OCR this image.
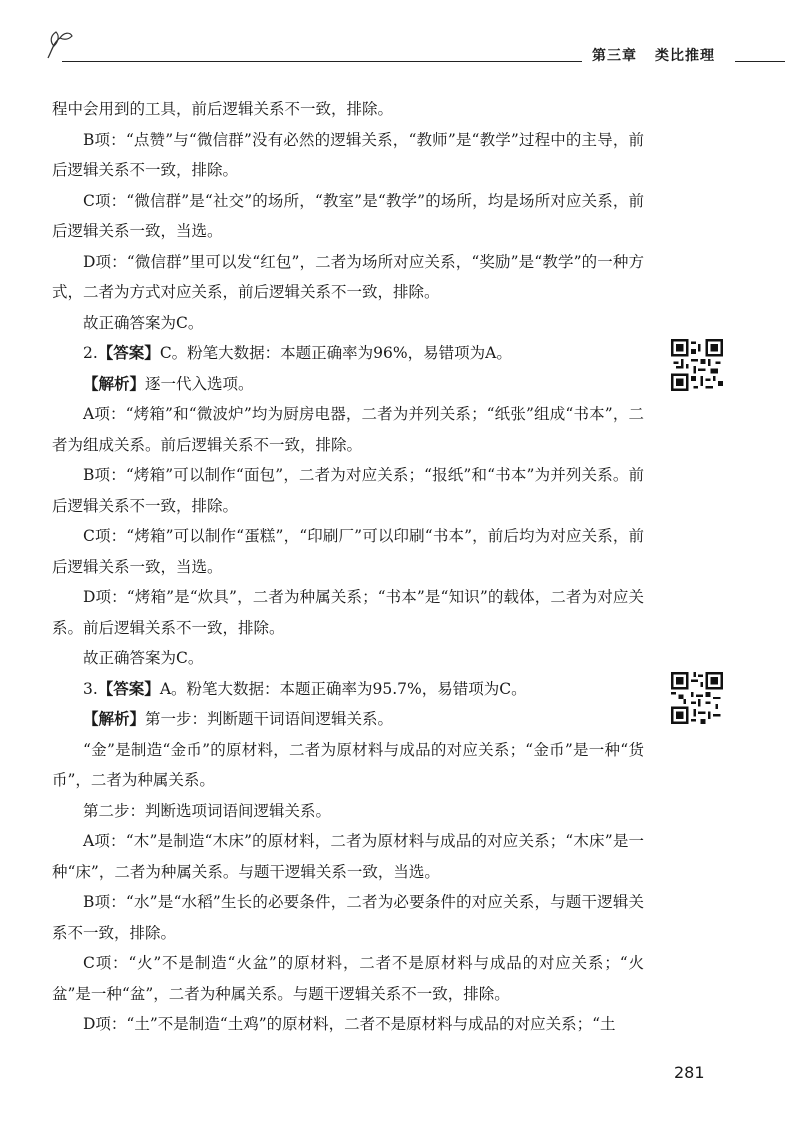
第三章 类比推理

程中会用到的工具，前后逻辑关系不一致，排除。

B项：“点赞”与“微信群”没有必然的逻辑关系，“教师”是“教学”过程中的主导，前后逻辑关系不一致，排除。

C项：“微信群”是“社交”的场所，“教室”是“教学”的场所，均是场所对应关系，前后逻辑关系一致，当选。

D项：“微信群”里可以发“红包”，二者为场所对应关系，“奖励”是“教学”的一种方式，二者为方式对应关系，前后逻辑关系不一致，排除。

故正确答案为C。

2.【答案】C。粉笔大数据：本题正确率为96%，易错项为A。

【解析】逐一代入选项。

A项：“烤箱”和“微波炉”均为厨房电器，二者为并列关系；“纸张”组成“书本”，二者为组成关系。前后逻辑关系不一致，排除。

B项：“烤箱”可以制作“面包”，二者为对应关系；“报纸”和“书本”为并列关系。前后逻辑关系不一致，排除。

C项：“烤箱”可以制作“蛋糕”，“印刷厂”可以印刷“书本”，前后均为对应关系，前后逻辑关系一致，当选。

D项：“烤箱”是“炊具”，二者为种属关系；“书本”是“知识”的载体，二者为对应关系。前后逻辑关系不一致，排除。

故正确答案为C。

3.【答案】A。粉笔大数据：本题正确率为95.7%，易错项为C。

【解析】第一步：判断题干词语间逻辑关系。

“金”是制造“金币”的原材料，二者为原材料与成品的对应关系；“金币”是一种“货币”，二者为种属关系。

第二步：判断选项词语间逻辑关系。

A项：“木”是制造“木床”的原材料，二者为原材料与成品的对应关系；“木床”是一种“床”，二者为种属关系。与题干逻辑关系一致，当选。

B项：“水”是“水稻”生长的必要条件，二者为必要条件的对应关系，与题干逻辑关系不一致，排除。

C项：“火”不是制造“火盆”的原材料，二者不是原材料与成品的对应关系；“火盆”是一种“盆”，二者为种属关系。与题干逻辑关系不一致，排除。

D项：“土”不是制造“土鸡”的原材料，二者不是原材料与成品的对应关系；“土

281
